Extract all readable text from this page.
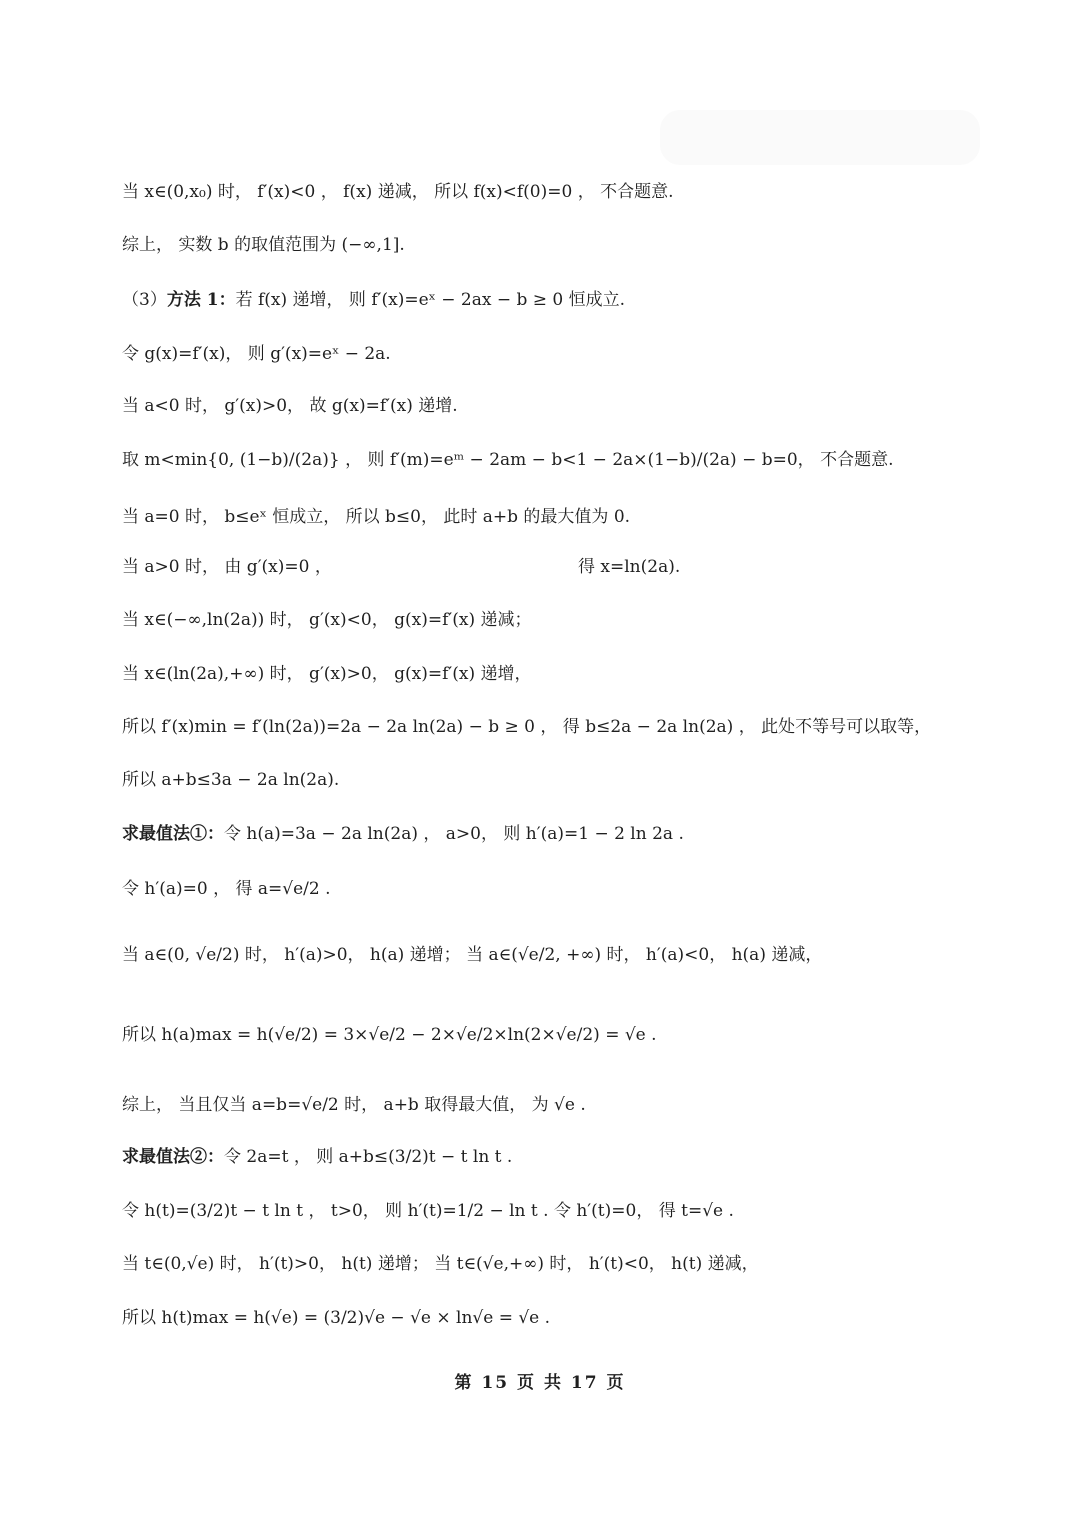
当 x∈(0,x₀) 时， f′(x)<0 ， f(x) 递减， 所以 f(x)<f(0)=0 ， 不合题意.
综上， 实数 b 的取值范围为 (−∞,1].
（3）方法 1：若 f(x) 递增， 则 f′(x)=eˣ − 2ax − b ≥ 0 恒成立.
令 g(x)=f′(x)， 则 g′(x)=eˣ − 2a.
当 a<0 时， g′(x)>0， 故 g(x)=f′(x) 递增.
取 m<min{0, (1−b)/(2a)} ， 则 f′(m)=eᵐ − 2am − b<1 − 2a×(1−b)/(2a) − b=0， 不合题意.
当 a=0 时， b≤eˣ 恒成立， 所以 b≤0， 此时 a+b 的最大值为 0.
当 a>0 时， 由 g′(x)=0 ，	得 x=ln(2a).
当 x∈(−∞,ln(2a)) 时， g′(x)<0， g(x)=f′(x) 递减；
当 x∈(ln(2a),+∞) 时， g′(x)>0， g(x)=f′(x) 递增，
所以 f′(x)min = f′(ln(2a))=2a − 2a ln(2a) − b ≥ 0 ， 得 b≤2a − 2a ln(2a) ， 此处不等号可以取等，
所以 a+b≤3a − 2a ln(2a).
求最值法①：令 h(a)=3a − 2a ln(2a) ， a>0， 则 h′(a)=1 − 2 ln 2a .
令 h′(a)=0 ， 得 a=√e/2 .
当 a∈(0, √e/2) 时， h′(a)>0， h(a) 递增； 当 a∈(√e/2, +∞) 时， h′(a)<0， h(a) 递减，
所以 h(a)max = h(√e/2) = 3×√e/2 − 2×√e/2×ln(2×√e/2) = √e .
综上， 当且仅当 a=b=√e/2 时， a+b 取得最大值， 为 √e .
求最值法②：令 2a=t ， 则 a+b≤(3/2)t − t ln t .
令 h(t)=(3/2)t − t ln t ， t>0， 则 h′(t)=1/2 − ln t . 令 h′(t)=0， 得 t=√e .
当 t∈(0,√e) 时， h′(t)>0， h(t) 递增； 当 t∈(√e,+∞) 时， h′(t)<0， h(t) 递减，
所以 h(t)max = h(√e) = (3/2)√e − √e × ln√e = √e .
第 15 页 共 17 页
